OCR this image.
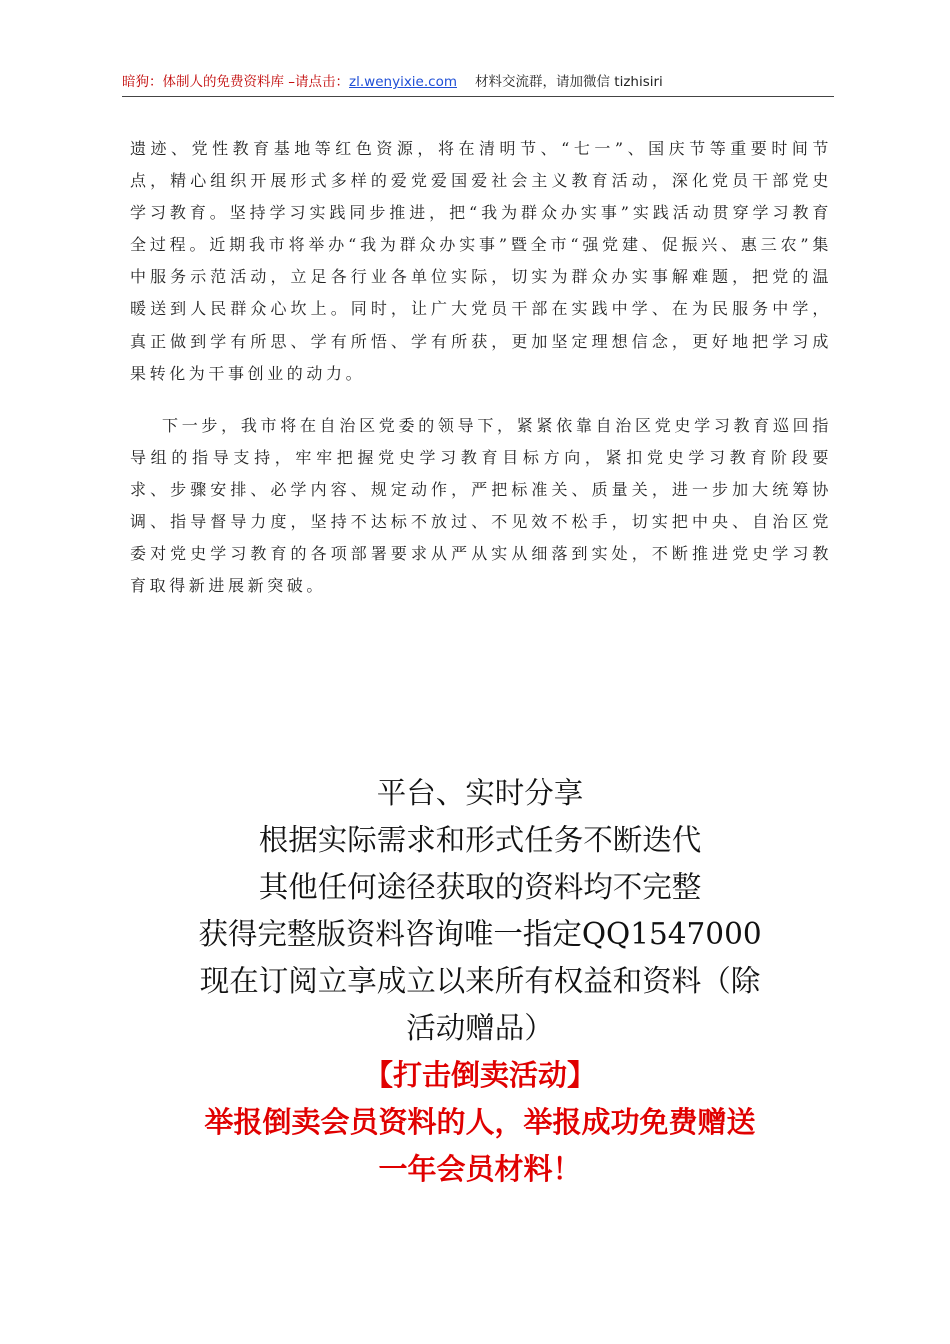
暗狗：体制人的免费资料库 –请点击：zl.wenyixie.com 材料交流群，请加微信 tizhisiri

遗迹、党性教育基地等红色资源，将在清明节、“七一”、国庆节等重要时间节点，精心组织开展形式多样的爱党爱国爱社会主义教育活动，深化党员干部党史学习教育。坚持学习实践同步推进，把“我为群众办实事”实践活动贯穿学习教育全过程。近期我市将举办“我为群众办实事”暨全市“强党建、促振兴、惠三农”集中服务示范活动，立足各行业各单位实际，切实为群众办实事解难题，把党的温暖送到人民群众心坎上。同时，让广大党员干部在实践中学、在为民服务中学，真正做到学有所思、学有所悟、学有所获，更加坚定理想信念，更好地把学习成果转化为干事创业的动力。

下一步，我市将在自治区党委的领导下，紧紧依靠自治区党史学习教育巡回指导组的指导支持，牢牢把握党史学习教育目标方向，紧扣党史学习教育阶段要求、步骤安排、必学内容、规定动作，严把标准关、质量关，进一步加大统筹协调、指导督导力度，坚持不达标不放过、不见效不松手，切实把中央、自治区党委对党史学习教育的各项部署要求从严从实从细落到实处，不断推进党史学习教育取得新进展新突破。

平台、实时分享
根据实际需求和形式任务不断迭代
其他任何途径获取的资料均不完整
获得完整版资料咨询唯一指定QQ1547000
现在订阅立享成立以来所有权益和资料（除
活动赠品）
【打击倒卖活动】
举报倒卖会员资料的人，举报成功免费赠送
一年会员材料！
